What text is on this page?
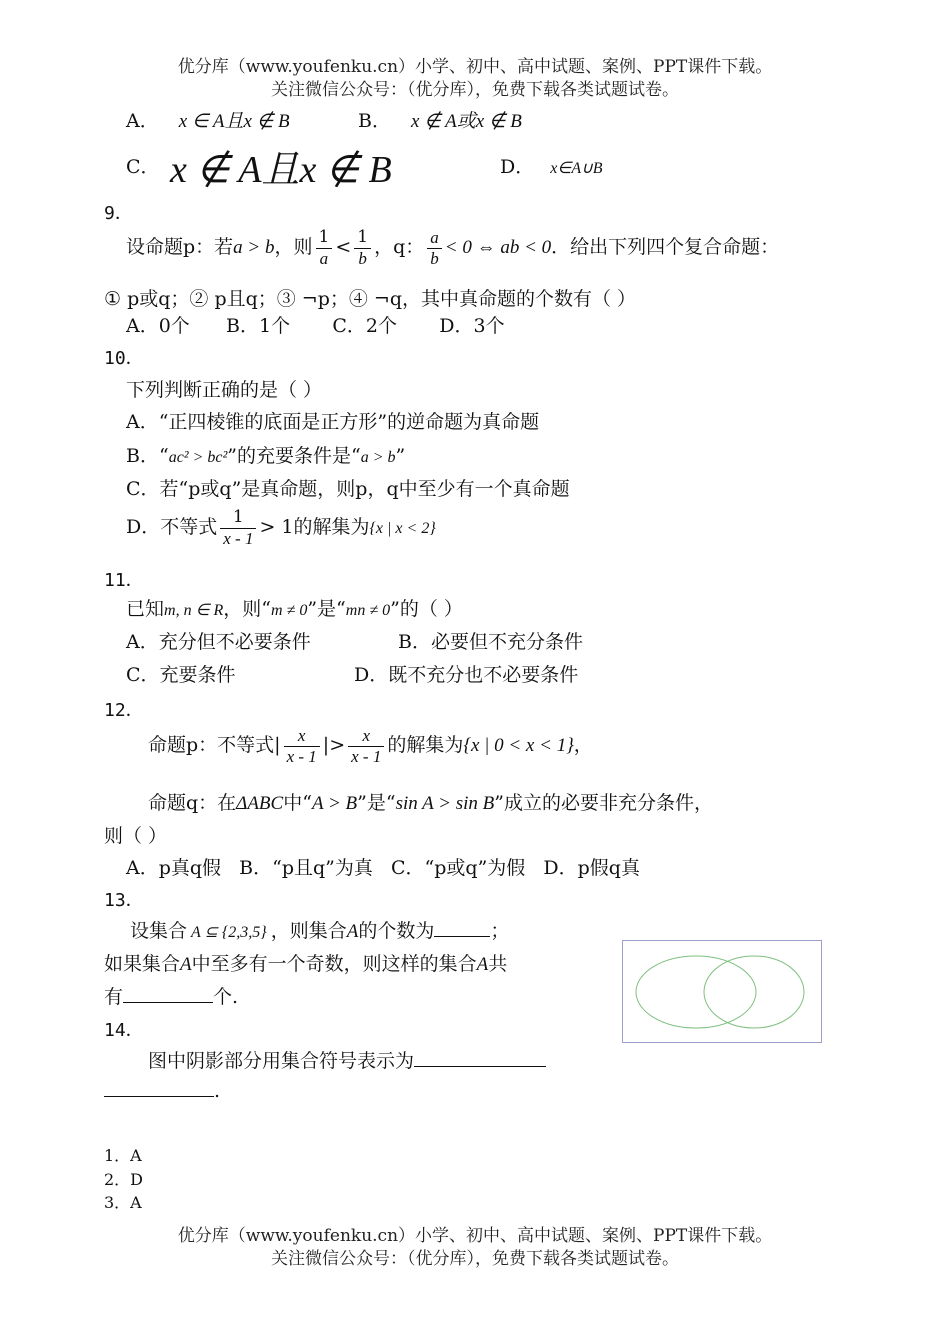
优分库（www.youfenku.cn）小学、初中、高中试题、案例、PPT课件下载。
关注微信公众号：（优分库），免费下载各类试题试卷。
A． x ∈ A且x ∉ B	B． x ∉ A或x ∉ B
C． x ∉ A且x ∉ B	D． x∈A∪B
9．
设命题p：若a > b，则 $\frac{1}{a} < \frac{1}{b}$ ，q： $\frac{a}{b} < 0$ ⇔ ab < 0．给出下列四个复合命题：
① p或q；② p且q；③ ¬p；④ ¬q，其中真命题的个数有（ ）
A．0个      B．1个       C．2个       D．3个
10．
下列判断正确的是（ ）
A．“正四棱锥的底面是正方形”的逆命题为真命题
B．“ac² > bc²”的充要条件是“a > b”
C．若“p或q”是真命题，则p，q中至少有一个真命题
D．不等式 $\frac{1}{x - 1} > 1$的解集为{x | x < 2}
11．
已知m, n ∈ R，则“m ≠ 0”是“mn ≠ 0”的（ ）
A．充分但不必要条件	B．必要但不充分条件
C．充要条件	D．既不充分也不必要条件
12．
命题p：不等式| $\frac{x}{x - 1}$ |> $\frac{x}{x - 1}$ 的解集为{x | 0 < x < 1}，
命题q：在ΔABC中“A > B”是“sin A > sin B”成立的必要非充分条件，
则（ ）
A．p真q假   B．“p且q”为真   C．“p或q”为假   D．p假q真
13．
设集合 A ⊆ {2,3,5} ，则集合A的个数为	；
如果集合A中至多有一个奇数，则这样的集合A共
有	个.
14．
图中阴影部分用集合符号表示为
.
1．A
2．D
3．A
优分库（www.youfenku.cn）小学、初中、高中试题、案例、PPT课件下载。
关注微信公众号：（优分库），免费下载各类试题试卷。
